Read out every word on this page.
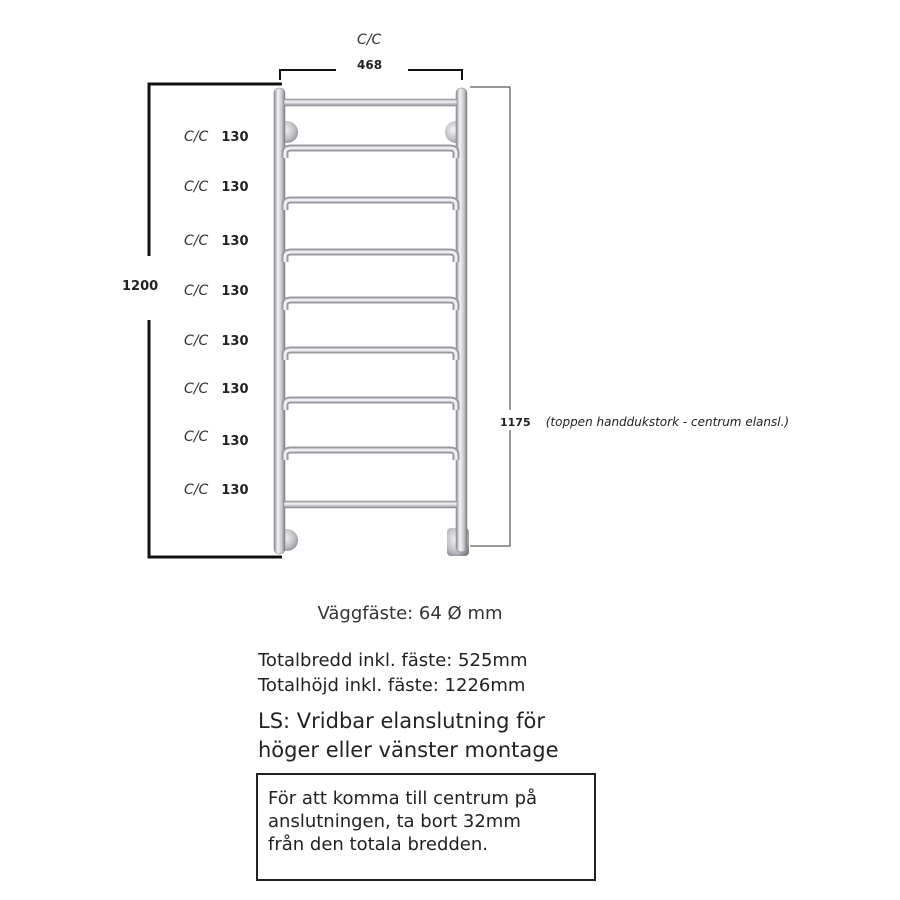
C/C
468
1200
C/C 130
C/C 130
C/C 130
C/C 130
C/C 130
C/C 130
C/C $_{130}$
C/C 130
1175 (toppen handdukstork - centrum elansl.)
Väggfäste: 64 Ø mm
Totalbredd inkl. fäste: 525mm
Totalhöjd inkl. fäste: 1226mm
LS: Vridbar elanslutning för
höger eller vänster montage
För att komma till centrum på
anslutningen, ta bort 32mm
från den totala bredden.
